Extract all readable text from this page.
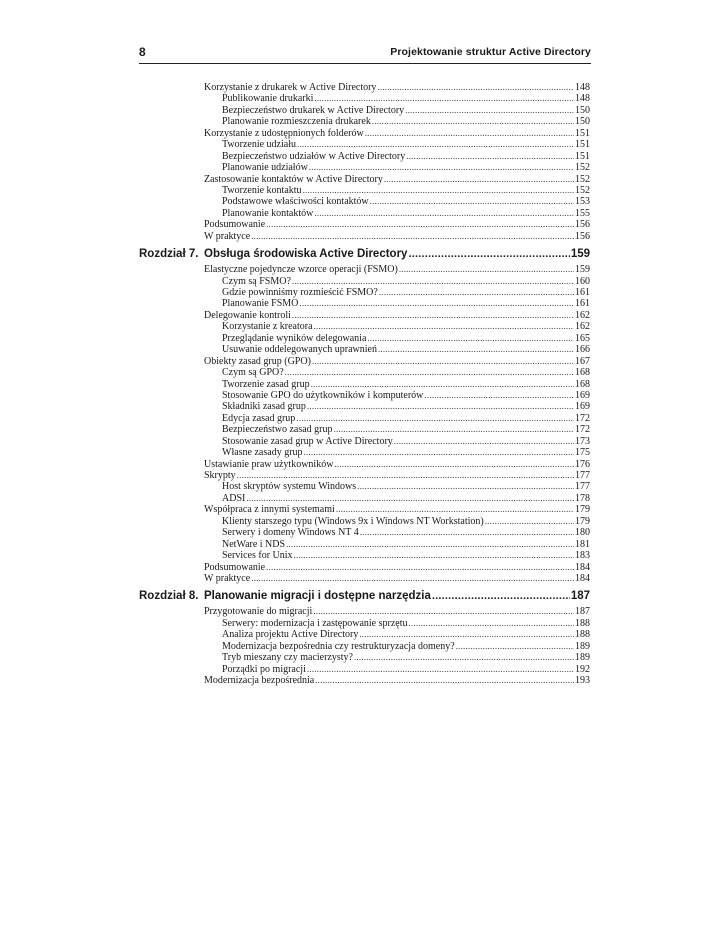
8	Projektowanie struktur Active Directory
Korzystanie z drukarek w Active Directory .....	148
Publikowanie drukarki .....	148
Bezpieczeństwo drukarek w Active Directory .....	150
Planowanie rozmieszczenia drukarek .....	150
Korzystanie z udostępnionych folderów .....	151
Tworzenie udziału .....	151
Bezpieczeństwo udziałów w Active Directory .....	151
Planowanie udziałów .....	152
Zastosowanie kontaktów w Active Directory .....	152
Tworzenie kontaktu .....	152
Podstawowe właściwości kontaktów .....	153
Planowanie kontaktów .....	155
Podsumowanie .....	156
W praktyce .....	156
Rozdział 7. Obsługa środowiska Active Directory .....	159
Elastyczne pojedyncze wzorce operacji (FSMO) .....	159
Czym są FSMO? .....	160
Gdzie powinniśmy rozmieścić FSMO? .....	161
Planowanie FSMO .....	161
Delegowanie kontroli .....	162
Korzystanie z kreatora .....	162
Przeglądanie wyników delegowania .....	165
Usuwanie oddelegowanych uprawnień .....	166
Obiekty zasad grup (GPO) .....	167
Czym są GPO? .....	168
Tworzenie zasad grup .....	168
Stosowanie GPO do użytkowników i komputerów .....	169
Składniki zasad grup .....	169
Edycja zasad grup .....	172
Bezpieczeństwo zasad grup .....	172
Stosowanie zasad grup w Active Directory .....	173
Własne zasady grup .....	175
Ustawianie praw użytkowników .....	176
Skrypty .....	177
Host skryptów systemu Windows .....	177
ADSI .....	178
Współpraca z innymi systemami .....	179
Klienty starszego typu (Windows 9x i Windows NT Workstation) .....	179
Serwery i domeny Windows NT 4 .....	180
NetWare i NDS .....	181
Services for Unix .....	183
Podsumowanie .....	184
W praktyce .....	184
Rozdział 8. Planowanie migracji i dostępne narzędzia .....	187
Przygotowanie do migracji .....	187
Serwery: modernizacja i zastępowanie sprzętu .....	188
Analiza projektu Active Directory .....	188
Modernizacja bezpośrednia czy restrukturyzacja domeny? .....	189
Tryb mieszany czy macierzysty? .....	189
Porządki po migracji .....	192
Modernizacja bezpośrednia .....	193
